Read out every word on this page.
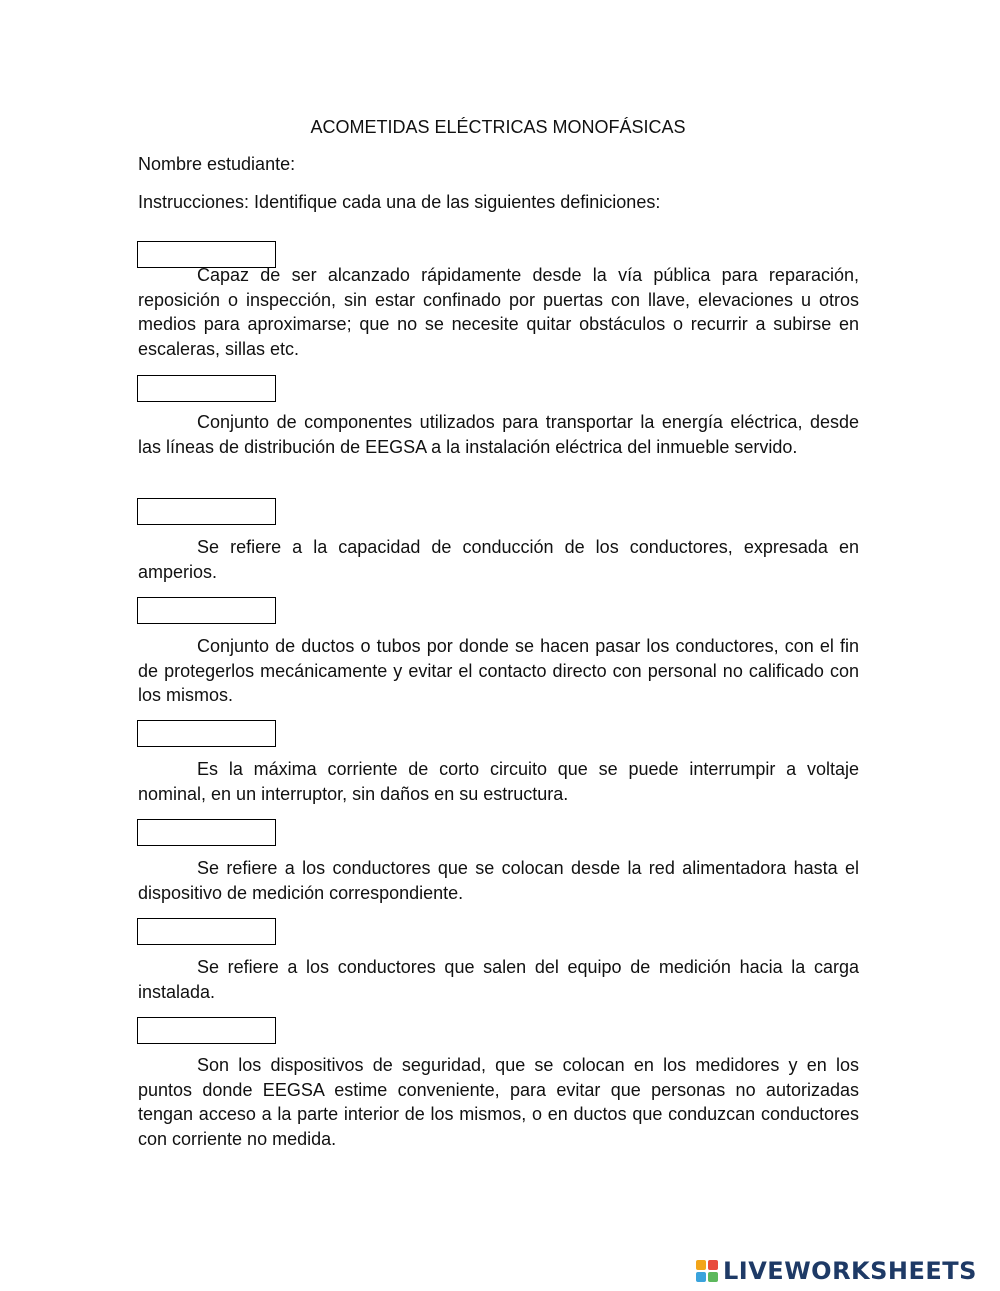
ACOMETIDAS ELÉCTRICAS MONOFÁSICAS
Nombre estudiante:
Instrucciones: Identifique cada una de las siguientes definiciones:

Capaz de ser alcanzado rápidamente desde la vía pública para reparación, reposición o inspección, sin estar confinado por puertas con llave, elevaciones u otros medios para aproximarse; que no se necesite quitar obstáculos o recurrir a subirse en escaleras, sillas etc.

Conjunto de componentes utilizados para transportar la energía eléctrica, desde las líneas de distribución de EEGSA a la instalación eléctrica del inmueble servido.

Se refiere a la capacidad de conducción de los conductores, expresada en amperios.

Conjunto de ductos o tubos por donde se hacen pasar los conductores, con el fin de protegerlos mecánicamente y evitar el contacto directo con personal no calificado con los mismos.

Es la máxima corriente de corto circuito que se puede interrumpir a voltaje nominal, en un interruptor, sin daños en su estructura.

Se refiere a los conductores que se colocan desde la red alimentadora hasta el dispositivo de medición correspondiente.

Se refiere a los conductores que salen del equipo de medición hacia la carga instalada.

Son los dispositivos de seguridad, que se colocan en los medidores y en los puntos donde EEGSA estime conveniente, para evitar que personas no autorizadas tengan acceso a la parte interior de los mismos, o en ductos que conduzcan conductores con corriente no medida.

LIVEWORKSHEETS
